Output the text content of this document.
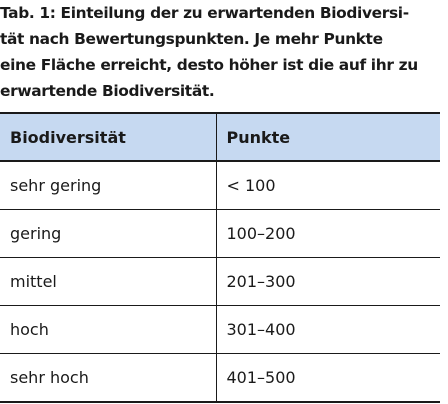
Tab. 1: Einteilung der zu erwartenden Biodiversi-
tät nach Bewertungspunkten. Je mehr Punkte
eine Fläche erreicht, desto höher ist die auf ihr zu
erwartende Biodiversität.
Biodiversität	Punkte
sehr gering	< 100
gering	100–200
mittel	201–300
hoch	301–400
sehr hoch	401–500
